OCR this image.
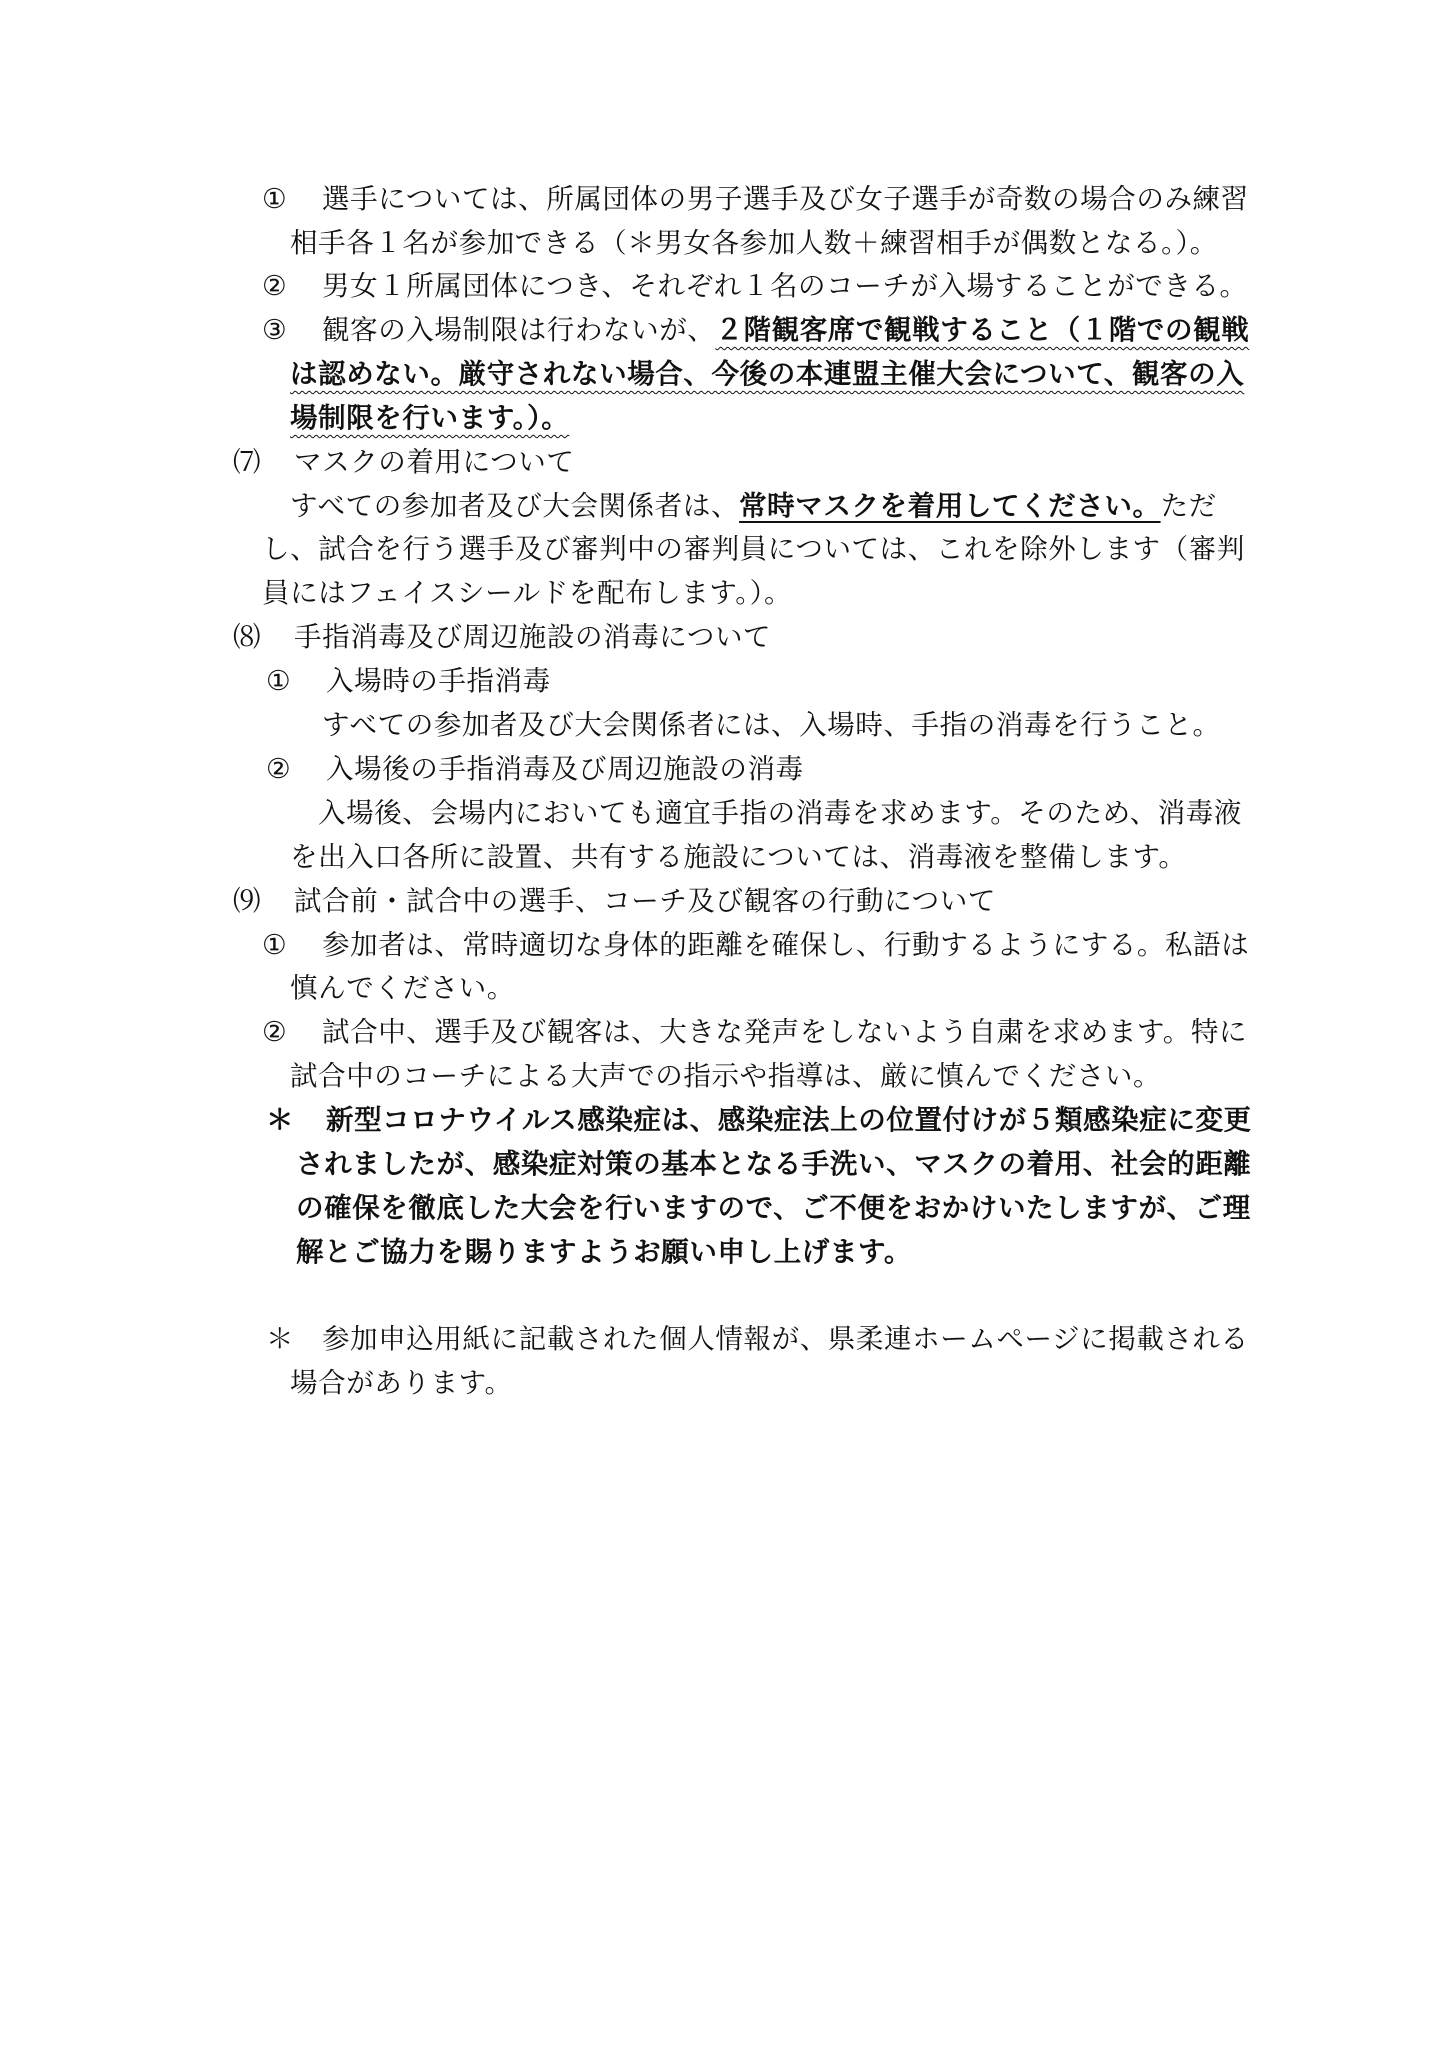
① 選手については、所属団体の男子選手及び女子選手が奇数の場合のみ練習
相手各１名が参加できる（＊男女各参加人数＋練習相手が偶数となる。）。
② 男女１所属団体につき、それぞれ１名のコーチが入場することができる。
③ 観客の入場制限は行わないが、２階観客席で観戦すること（１階での観戦
は認めない。厳守されない場合、今後の本連盟主催大会について、観客の入
場制限を行います。）。
⑺ マスクの着用について
すべての参加者及び大会関係者は、常時マスクを着用してください。ただ
し、試合を行う選手及び審判中の審判員については、これを除外します（審判
員にはフェイスシールドを配布します。）。
⑻ 手指消毒及び周辺施設の消毒について
① 入場時の手指消毒
すべての参加者及び大会関係者には、入場時、手指の消毒を行うこと。
② 入場後の手指消毒及び周辺施設の消毒
入場後、会場内においても適宜手指の消毒を求めます。そのため、消毒液
を出入口各所に設置、共有する施設については、消毒液を整備します。
⑼ 試合前・試合中の選手、コーチ及び観客の行動について
① 参加者は、常時適切な身体的距離を確保し、行動するようにする。私語は
慎んでください。
② 試合中、選手及び観客は、大きな発声をしないよう自粛を求めます。特に
試合中のコーチによる大声での指示や指導は、厳に慎んでください。
＊ 新型コロナウイルス感染症は、感染症法上の位置付けが５類感染症に変更
されましたが、感染症対策の基本となる手洗い、マスクの着用、社会的距離
の確保を徹底した大会を行いますので、ご不便をおかけいたしますが、ご理
解とご協力を賜りますようお願い申し上げます。
＊ 参加申込用紙に記載された個人情報が、県柔連ホームページに掲載される
場合があります。
